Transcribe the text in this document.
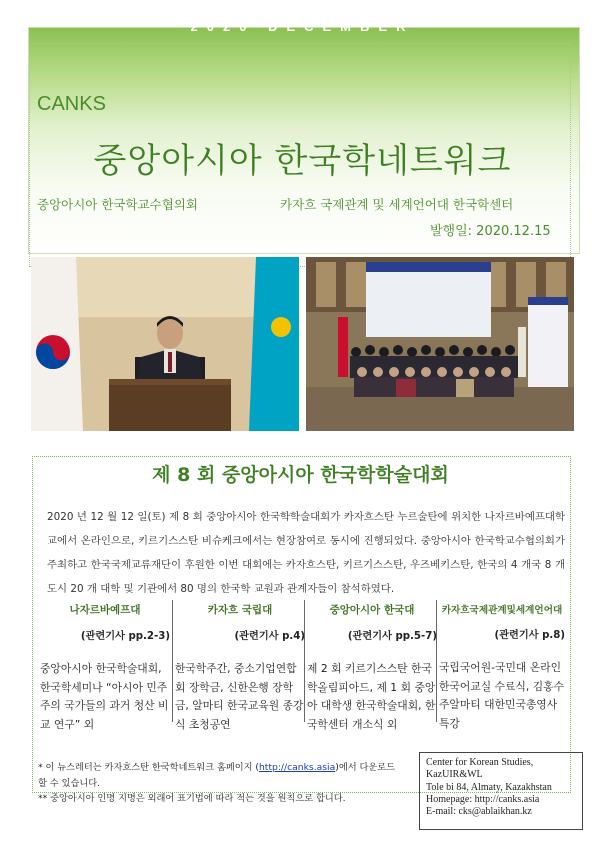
2020 DECEMBER
CANKS
중앙아시아 한국학네트워크
중앙아시아 한국학교수협의회	카자흐 국제관계 및 세계언어대 한국학센터
발행일: 2020.12.15
제 8 회 중앙아시아 한국학학술대회
2020 년 12 월 12 일(토) 제 8 회 중앙아시아 한국학학술대회가 카자흐스탄 누르술탄에 위치한 나자르바예프대학교에서 온라인으로, 키르기스스탄 비슈케크에서는 현장참여로 동시에 진행되었다. 중앙아시아 한국학교수협의회가 주최하고 한국국제교류재단이 후원한 이번 대회에는 카자흐스탄, 키르기스스탄, 우즈베키스탄, 한국의 4 개국 8 개 도시 20 개 대학 및 기관에서 80 명의 한국학 교원과 관계자들이 참석하였다.
나자르바예프대
(관련기사 pp.2-3)
중앙아시아 한국학술대회, 한국학세미나 “아시아 민주주의 국가들의 과거 청산 비교 연구” 외
카자흐 국립대
(관련기사 p.4)
한국학주간, 중소기업연합회 장학금, 신한은행 장학금, 알마티 한국교육원 종강식 초청공연
중앙아시아 한국대
(관련기사 pp.5-7)
제 2 회 키르기스스탄 한국학올림피아드, 제 1 회 중앙아 대학생 한국학술대회, 한국학센터 개소식 외
카자흐국제관계및세계언어대
(관련기사 p.8)
국립국어원-국민대 온라인 한국어교실 수료식, 김홍수 주알마티 대한민국총영사 특강
* 이 뉴스레터는 카자흐스탄 한국학네트워크 홈페이지 (http://canks.asia)에서 다운로드할 수 있습니다.
** 중앙아시아 인명 지명은 외래어 표기법에 따라 적는 것을 원칙으로 합니다.
Center for Korean Studies,
KazUIR&WL
Tole bi 84, Almaty, Kazakhstan
Homepage: http://canks.asia
E-mail: cks@ablaikhan.kz
